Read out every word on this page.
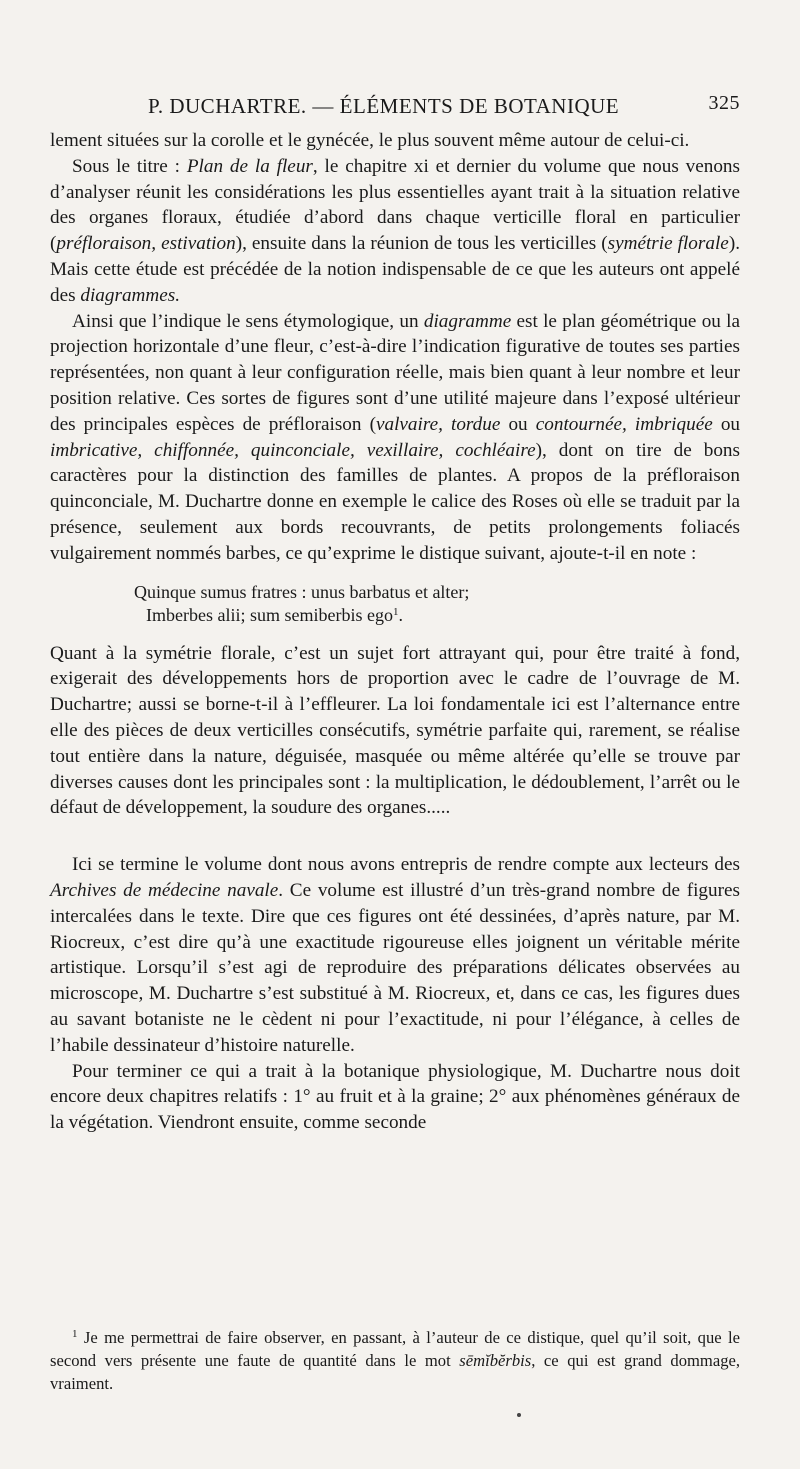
P. DUCHARTRE. — ÉLÉMENTS DE BOTANIQUE	325

lement situées sur la corolle et le gynécée, le plus souvent même autour de celui-ci.

Sous le titre : Plan de la fleur, le chapitre xi et dernier du volume que nous venons d’analyser réunit les considérations les plus essentielles ayant trait à la situation relative des organes floraux, étudiée d’abord dans chaque verticille floral en particulier (préfloraison, estivation), ensuite dans la réunion de tous les verticilles (symétrie florale). Mais cette étude est précédée de la notion indispensable de ce que les auteurs ont appelé des diagrammes.

Ainsi que l’indique le sens étymologique, un diagramme est le plan géométrique ou la projection horizontale d’une fleur, c’est-à-dire l’indication figurative de toutes ses parties représentées, non quant à leur configuration réelle, mais bien quant à leur nombre et leur position relative. Ces sortes de figures sont d’une utilité majeure dans l’exposé ultérieur des principales espèces de préfloraison (valvaire, tordue ou contournée, imbriquée ou imbricative, chiffonnée, quinconciale, vexillaire, cochléaire), dont on tire de bons caractères pour la distinction des familles de plantes. A propos de la préfloraison quinconciale, M. Duchartre donne en exemple le calice des Roses où elle se traduit par la présence, seulement aux bords recouvrants, de petits prolongements foliacés vulgairement nommés barbes, ce qu’exprime le distique suivant, ajoute-t-il en note :

Quinque sumus fratres : unus barbatus et alter;
Imberbes alii; sum semiberbis ego$^1$.

Quant à la symétrie florale, c’est un sujet fort attrayant qui, pour être traité à fond, exigerait des développements hors de proportion avec le cadre de l’ouvrage de M. Duchartre; aussi se borne-t-il à l’effleurer. La loi fondamentale ici est l’alternance entre elle des pièces de deux verticilles consécutifs, symétrie parfaite qui, rarement, se réalise tout entière dans la nature, déguisée, masquée ou même altérée qu’elle se trouve par diverses causes dont les principales sont : la multiplication, le dédoublement, l’arrêt ou le défaut de développement, la soudure des organes.....

Ici se termine le volume dont nous avons entrepris de rendre compte aux lecteurs des Archives de médecine navale. Ce volume est illustré d’un très-grand nombre de figures intercalées dans le texte. Dire que ces figures ont été dessinées, d’après nature, par M. Riocreux, c’est dire qu’à une exactitude rigoureuse elles joignent un véritable mérite artistique. Lorsqu’il s’est agi de reproduire des préparations délicates observées au microscope, M. Duchartre s’est substitué à M. Riocreux, et, dans ce cas, les figures dues au savant botaniste ne le cèdent ni pour l’exactitude, ni pour l’élégance, à celles de l’habile dessinateur d’histoire naturelle.

Pour terminer ce qui a trait à la botanique physiologique, M. Duchartre nous doit encore deux chapitres relatifs : 1° au fruit et à la graine; 2° aux phénomènes généraux de la végétation. Viendront ensuite, comme seconde

$^1$ Je me permettrai de faire observer, en passant, à l’auteur de ce distique, quel qu’il soit, que le second vers présente une faute de quantité dans le mot sēmĭbĕrbis, ce qui est grand dommage, vraiment.
